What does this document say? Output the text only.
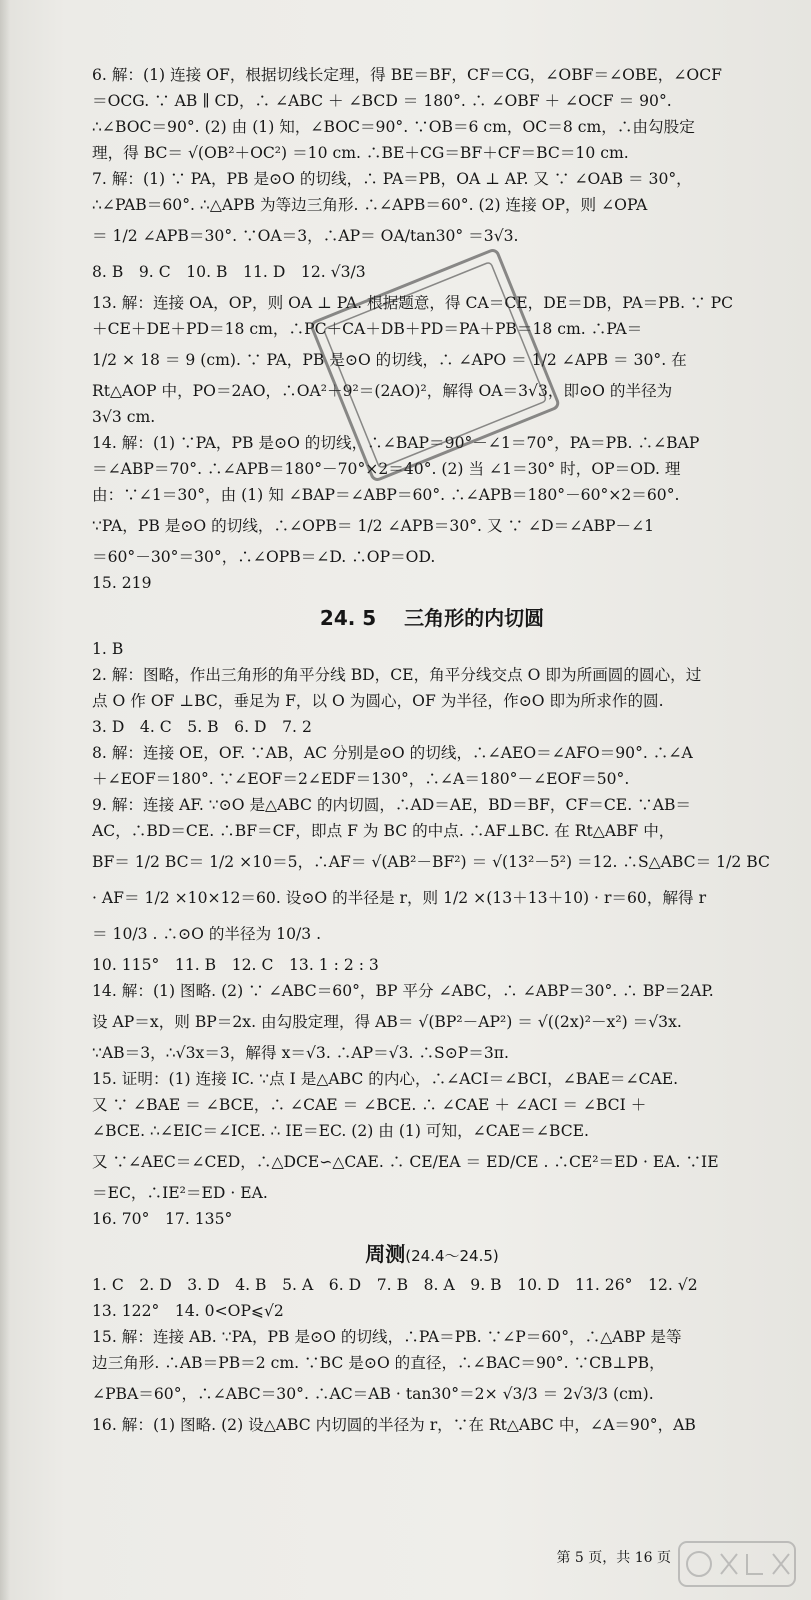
6. 解：(1) 连接 OF，根据切线长定理，得 BE＝BF，CF＝CG，∠OBF＝∠OBE，∠OCF
＝OCG. ∵ AB ∥ CD，∴ ∠ABC ＋ ∠BCD ＝ 180°. ∴ ∠OBF ＋ ∠OCF ＝ 90°.
∴∠BOC＝90°. (2) 由 (1) 知，∠BOC＝90°. ∵OB＝6 cm，OC＝8 cm，∴由勾股定
理，得 BC＝ √(OB²＋OC²) ＝10 cm. ∴BE＋CG＝BF＋CF＝BC＝10 cm.
7. 解：(1) ∵ PA，PB 是⊙O 的切线，∴ PA＝PB，OA ⊥ AP. 又 ∵ ∠OAB ＝ 30°，
∴∠PAB＝60°. ∴△APB 为等边三角形. ∴∠APB＝60°. (2) 连接 OP，则 ∠OPA
＝ 1/2 ∠APB＝30°. ∵OA＝3，∴AP＝ OA/tan30° ＝3√3.
8. B　9. C　10. B　11. D　12. √3/3
13. 解：连接 OA，OP，则 OA ⊥ PA. 根据题意，得 CA＝CE，DE＝DB，PA＝PB. ∵ PC
＋CE＋DE＋PD＝18 cm，∴PC＋CA＋DB＋PD＝PA＋PB＝18 cm. ∴PA＝
1/2 × 18 ＝ 9 (cm). ∵ PA，PB 是⊙O 的切线，∴ ∠APO ＝ 1/2 ∠APB ＝ 30°. 在
Rt△AOP 中，PO＝2AO，∴OA²＋9²＝(2AO)²，解得 OA＝3√3，即⊙O 的半径为
3√3 cm.
14. 解：(1) ∵PA，PB 是⊙O 的切线，∴∠BAP＝90°－∠1＝70°，PA＝PB. ∴∠BAP
＝∠ABP＝70°. ∴∠APB＝180°－70°×2＝40°. (2) 当 ∠1＝30° 时，OP＝OD. 理
由：∵∠1＝30°，由 (1) 知 ∠BAP＝∠ABP＝60°. ∴∠APB＝180°－60°×2＝60°.
∵PA，PB 是⊙O 的切线，∴∠OPB＝ 1/2 ∠APB＝30°. 又 ∵ ∠D＝∠ABP－∠1
＝60°－30°＝30°，∴∠OPB＝∠D. ∴OP＝OD.
15. 219
24. 5 三角形的内切圆
1. B
2. 解：图略，作出三角形的角平分线 BD，CE，角平分线交点 O 即为所画圆的圆心，过
点 O 作 OF ⊥BC，垂足为 F，以 O 为圆心，OF 为半径，作⊙O 即为所求作的圆.
3. D　4. C　5. B　6. D　7. 2
8. 解：连接 OE，OF. ∵AB，AC 分别是⊙O 的切线，∴∠AEO＝∠AFO＝90°. ∴∠A
＋∠EOF＝180°. ∵∠EOF＝2∠EDF＝130°，∴∠A＝180°－∠EOF＝50°.
9. 解：连接 AF. ∵⊙O 是△ABC 的内切圆，∴AD＝AE，BD＝BF，CF＝CE. ∵AB＝
AC，∴BD＝CE. ∴BF＝CF，即点 F 为 BC 的中点. ∴AF⊥BC. 在 Rt△ABF 中，
BF＝ 1/2 BC＝ 1/2 ×10＝5，∴AF＝ √(AB²－BF²) ＝ √(13²－5²) ＝12. ∴S△ABC＝ 1/2 BC
· AF＝ 1/2 ×10×12＝60. 设⊙O 的半径是 r，则 1/2 ×(13＋13＋10) · r＝60，解得 r
＝ 10/3 . ∴⊙O 的半径为 10/3 .
10. 115°　11. B　12. C　13. 1 : 2 : 3
14. 解：(1) 图略. (2) ∵ ∠ABC＝60°，BP 平分 ∠ABC，∴ ∠ABP＝30°. ∴ BP＝2AP.
设 AP＝x，则 BP＝2x. 由勾股定理，得 AB＝ √(BP²－AP²) ＝ √((2x)²－x²) ＝√3x.
∵AB＝3，∴√3x＝3，解得 x＝√3. ∴AP＝√3. ∴S⊙P＝3π.
15. 证明：(1) 连接 IC. ∵点 I 是△ABC 的内心，∴∠ACI＝∠BCI，∠BAE＝∠CAE.
又 ∵ ∠BAE ＝ ∠BCE，∴ ∠CAE ＝ ∠BCE. ∴ ∠CAE ＋ ∠ACI ＝ ∠BCI ＋
∠BCE. ∴∠EIC＝∠ICE. ∴ IE＝EC. (2) 由 (1) 可知，∠CAE＝∠BCE.
又 ∵∠AEC＝∠CED，∴△DCE∽△CAE. ∴ CE/EA ＝ ED/CE . ∴CE²＝ED · EA. ∵IE
＝EC，∴IE²＝ED · EA.
16. 70°　17. 135°
周测(24.4～24.5)
1. C　2. D　3. D　4. B　5. A　6. D　7. B　8. A　9. B　10. D　11. 26°　12. √2
13. 122°　14. 0<OP⩽√2
15. 解：连接 AB. ∵PA，PB 是⊙O 的切线，∴PA＝PB. ∵∠P＝60°，∴△ABP 是等
边三角形. ∴AB＝PB＝2 cm. ∵BC 是⊙O 的直径，∴∠BAC＝90°. ∵CB⊥PB，
∠PBA＝60°，∴∠ABC＝30°. ∴AC＝AB · tan30°＝2× √3/3 ＝ 2√3/3 (cm).
16. 解：(1) 图略. (2) 设△ABC 内切圆的半径为 r，∵在 Rt△ABC 中，∠A＝90°，AB
第 5 页，共 16 页
